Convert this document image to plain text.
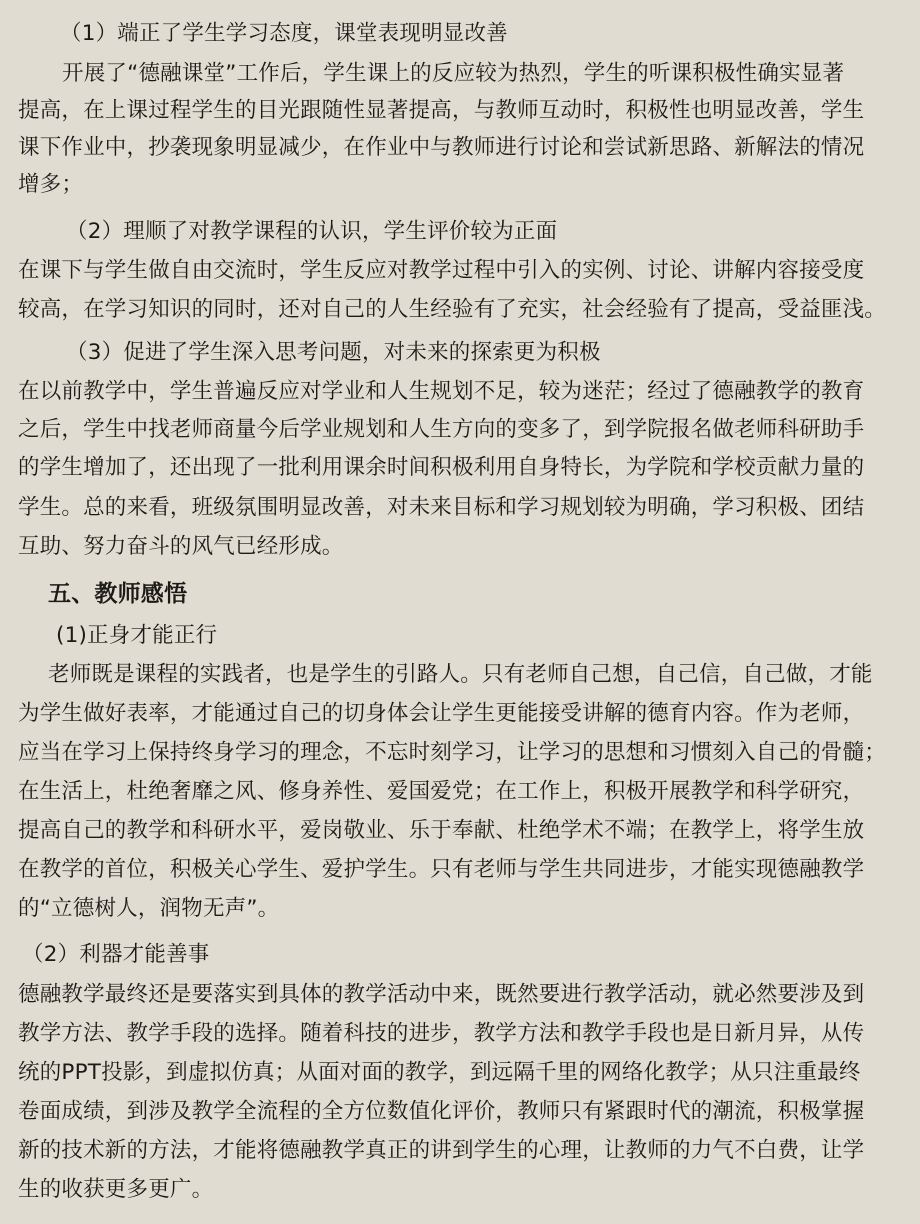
（1）端正了学生学习态度，课堂表现明显改善
开展了“德融课堂”工作后，学生课上的反应较为热烈，学生的听课积极性确实显著
提高，在上课过程学生的目光跟随性显著提高，与教师互动时，积极性也明显改善，学生
课下作业中，抄袭现象明显减少，在作业中与教师进行讨论和尝试新思路、新解法的情况
增多；
（2）理顺了对教学课程的认识，学生评价较为正面
在课下与学生做自由交流时，学生反应对教学过程中引入的实例、讨论、讲解内容接受度
较高，在学习知识的同时，还对自己的人生经验有了充实，社会经验有了提高，受益匪浅。
（3）促进了学生深入思考问题，对未来的探索更为积极
在以前教学中，学生普遍反应对学业和人生规划不足，较为迷茫；经过了德融教学的教育
之后，学生中找老师商量今后学业规划和人生方向的变多了，到学院报名做老师科研助手
的学生增加了，还出现了一批利用课余时间积极利用自身特长，为学院和学校贡献力量的
学生。总的来看，班级氛围明显改善，对未来目标和学习规划较为明确，学习积极、团结
互助、努力奋斗的风气已经形成。
五、教师感悟
(1)正身才能正行
老师既是课程的实践者，也是学生的引路人。只有老师自己想，自己信，自己做，才能
为学生做好表率，才能通过自己的切身体会让学生更能接受讲解的德育内容。作为老师，
应当在学习上保持终身学习的理念，不忘时刻学习，让学习的思想和习惯刻入自己的骨髓；
在生活上，杜绝奢靡之风、修身养性、爱国爱党；在工作上，积极开展教学和科学研究，
提高自己的教学和科研水平，爱岗敬业、乐于奉献、杜绝学术不端；在教学上，将学生放
在教学的首位，积极关心学生、爱护学生。只有老师与学生共同进步，才能实现德融教学
的“立德树人，润物无声”。
（2）利器才能善事
德融教学最终还是要落实到具体的教学活动中来，既然要进行教学活动，就必然要涉及到
教学方法、教学手段的选择。随着科技的进步，教学方法和教学手段也是日新月异，从传
统的PPT投影，到虚拟仿真；从面对面的教学，到远隔千里的网络化教学；从只注重最终
卷面成绩，到涉及教学全流程的全方位数值化评价，教师只有紧跟时代的潮流，积极掌握
新的技术新的方法，才能将德融教学真正的讲到学生的心理，让教师的力气不白费，让学
生的收获更多更广。
